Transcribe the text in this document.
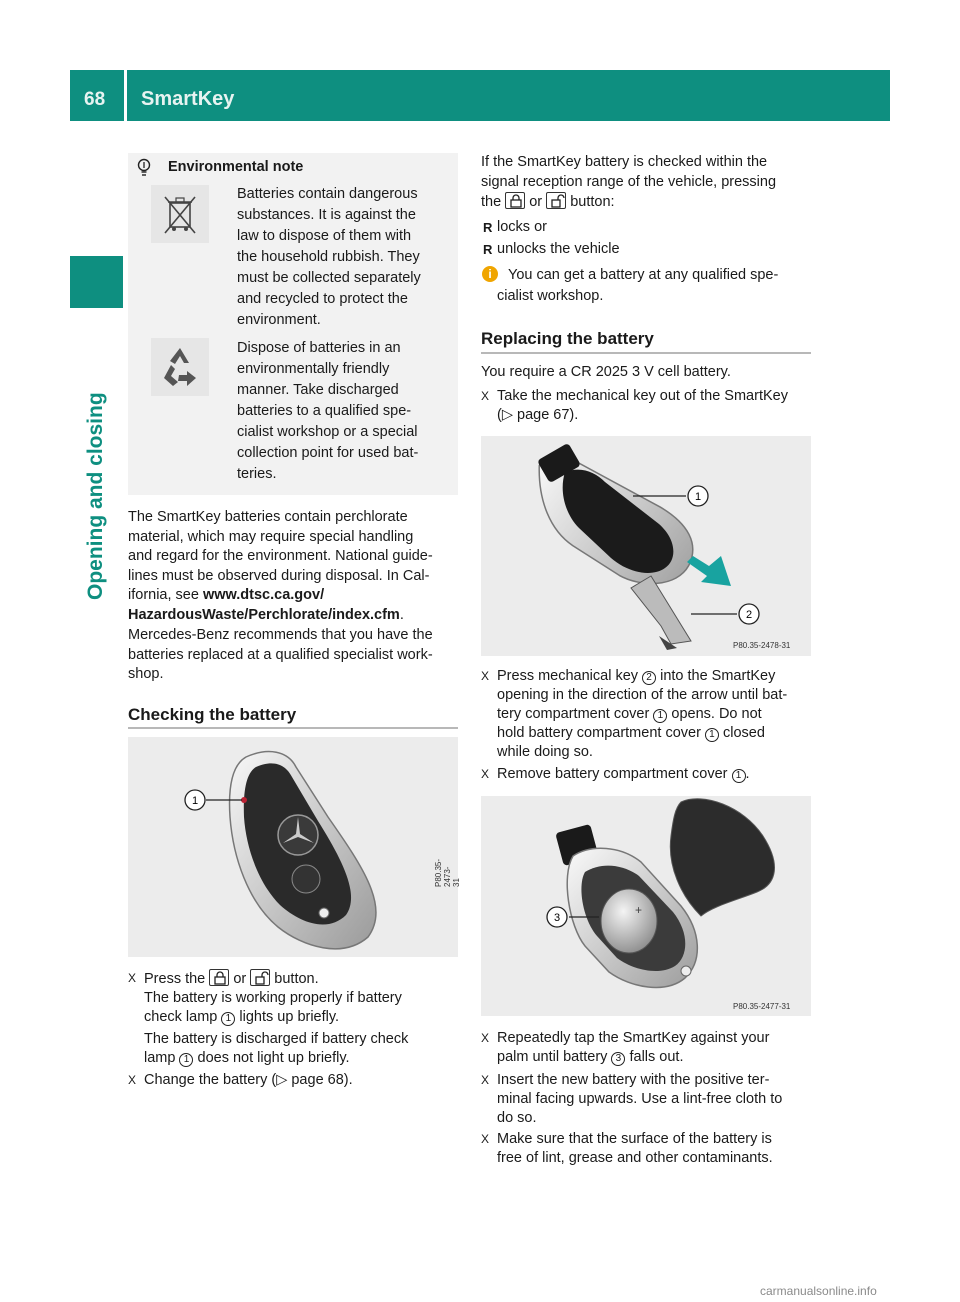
68 SmartKey
Opening and closing
Environmental note
Batteries contain dangerous
substances. It is against the
law to dispose of them with
the household rubbish. They
must be collected separately
and recycled to protect the
environment.
Dispose of batteries in an
environmentally friendly
manner. Take discharged
batteries to a qualified spe-
cialist workshop or a special
collection point for used bat-
teries.
The SmartKey batteries contain perchlorate
material, which may require special handling
and regard for the environment. National guide-
lines must be observed during disposal. In Cal-
ifornia, see www.dtsc.ca.gov/
HazardousWaste/Perchlorate/index.cfm.
Mercedes-Benz recommends that you have the
batteries replaced at a qualified specialist work-
shop.
Checking the battery
1
P80.35-2473-31
X Press the or button.
The battery is working properly if battery
check lamp 1 lights up briefly.
The battery is discharged if battery check
lamp 1 does not light up briefly.
X Change the battery (▷ page 68).
If the SmartKey battery is checked within the
signal reception range of the vehicle, pressing
the or button:
R locks or
R unlocks the vehicle
i	You can get a battery at any qualified spe-
cialist workshop.
Replacing the battery
You require a CR 2025 3 V cell battery.
X Take the mechanical key out of the SmartKey
(▷ page 67).
1
2
P80.35-2478-31
X Press mechanical key 2 into the SmartKey
opening in the direction of the arrow until bat-
tery compartment cover 1 opens. Do not
hold battery compartment cover 1 closed
while doing so.
X Remove battery compartment cover 1 .
+
3
P80.35-2477-31
X Repeatedly tap the SmartKey against your
palm until battery 3 falls out.
X Insert the new battery with the positive ter-
minal facing upwards. Use a lint-free cloth to
do so.
X Make sure that the surface of the battery is
free of lint, grease and other contaminants.
carmanualsonline.info
